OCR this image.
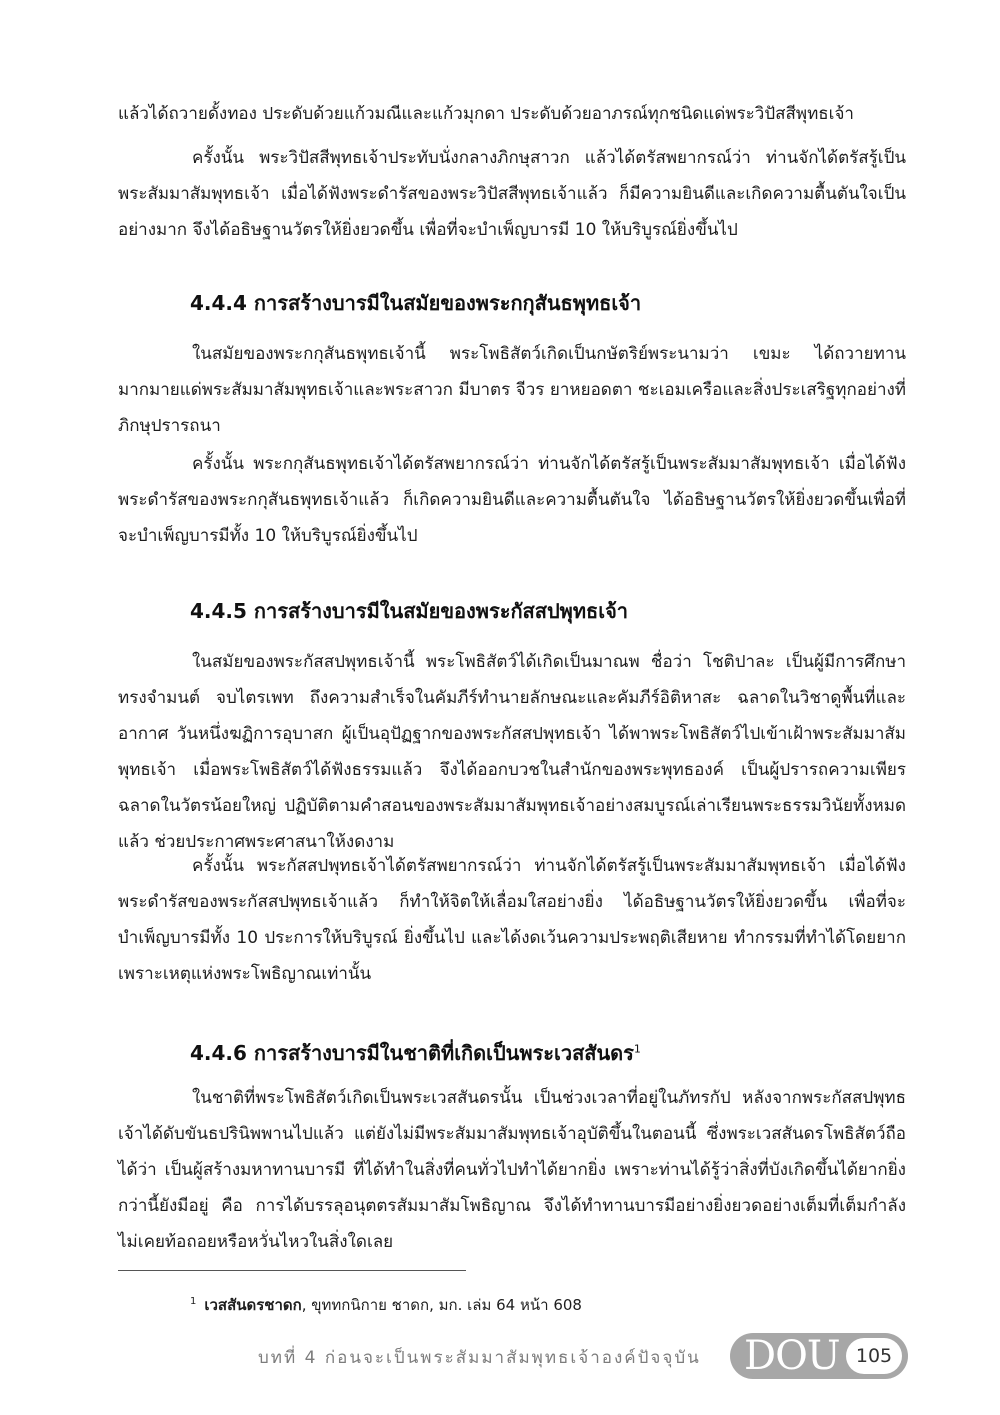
แล้วได้ถวายดั้งทอง ประดับด้วยแก้วมณีและแก้วมุกดา ประดับด้วยอาภรณ์ทุกชนิดแด่พระวิปัสสีพุทธเจ้า

ครั้งนั้น พระวิปัสสีพุทธเจ้าประทับนั่งกลางภิกษุสาวก แล้วได้ตรัสพยากรณ์ว่า ท่านจักได้ตรัสรู้เป็นพระสัมมาสัมพุทธเจ้า เมื่อได้ฟังพระดำรัสของพระวิปัสสีพุทธเจ้าแล้ว ก็มีความยินดีและเกิดความตื้นตันใจเป็นอย่างมาก จึงได้อธิษฐานวัตรให้ยิ่งยวดขึ้น เพื่อที่จะบำเพ็ญบารมี 10 ให้บริบูรณ์ยิ่งขึ้นไป

4.4.4 การสร้างบารมีในสมัยของพระกกุสันธพุทธเจ้า

ในสมัยของพระกกุสันธพุทธเจ้านี้ พระโพธิสัตว์เกิดเป็นกษัตริย์พระนามว่า เขมะ ได้ถวายทานมากมายแด่พระสัมมาสัมพุทธเจ้าและพระสาวก มีบาตร จีวร ยาหยอดตา ชะเอมเครือและสิ่งประเสริฐทุกอย่างที่ภิกษุปรารถนา

ครั้งนั้น พระกกุสันธพุทธเจ้าได้ตรัสพยากรณ์ว่า ท่านจักได้ตรัสรู้เป็นพระสัมมาสัมพุทธเจ้า เมื่อได้ฟังพระดำรัสของพระกกุสันธพุทธเจ้าแล้ว ก็เกิดความยินดีและความตื้นตันใจ ได้อธิษฐานวัตรให้ยิ่งยวดขึ้นเพื่อที่จะบำเพ็ญบารมีทั้ง 10 ให้บริบูรณ์ยิ่งขึ้นไป

4.4.5 การสร้างบารมีในสมัยของพระกัสสปพุทธเจ้า

ในสมัยของพระกัสสปพุทธเจ้านี้ พระโพธิสัตว์ได้เกิดเป็นมาณพ ชื่อว่า โชติปาละ เป็นผู้มีการศึกษาทรงจำมนต์ จบไตรเพท ถึงความสำเร็จในคัมภีร์ทำนายลักษณะและคัมภีร์อิติหาสะ ฉลาดในวิชาดูพื้นที่และอากาศ วันหนึ่งฆฏิการอุบาสก ผู้เป็นอุปัฏฐากของพระกัสสปพุทธเจ้า ได้พาพระโพธิสัตว์ไปเข้าเฝ้าพระสัมมาสัมพุทธเจ้า เมื่อพระโพธิสัตว์ได้ฟังธรรมแล้ว จึงได้ออกบวชในสำนักของพระพุทธองค์ เป็นผู้ปรารถความเพียร ฉลาดในวัตรน้อยใหญ่ ปฏิบัติตามคำสอนของพระสัมมาสัมพุทธเจ้าอย่างสมบูรณ์เล่าเรียนพระธรรมวินัยทั้งหมดแล้ว ช่วยประกาศพระศาสนาให้งดงาม

ครั้งนั้น พระกัสสปพุทธเจ้าได้ตรัสพยากรณ์ว่า ท่านจักได้ตรัสรู้เป็นพระสัมมาสัมพุทธเจ้า เมื่อได้ฟังพระดำรัสของพระกัสสปพุทธเจ้าแล้ว ก็ทำให้จิตให้เลื่อมใสอย่างยิ่ง ได้อธิษฐานวัตรให้ยิ่งยวดขึ้น เพื่อที่จะบำเพ็ญบารมีทั้ง 10 ประการให้บริบูรณ์ ยิ่งขึ้นไป และได้งดเว้นความประพฤติเสียหาย ทำกรรมที่ทำได้โดยยาก เพราะเหตุแห่งพระโพธิญาณเท่านั้น

4.4.6 การสร้างบารมีในชาติที่เกิดเป็นพระเวสสันดร$^1$

ในชาติที่พระโพธิสัตว์เกิดเป็นพระเวสสันดรนั้น เป็นช่วงเวลาที่อยู่ในภัทรกัป หลังจากพระกัสสปพุทธเจ้าได้ดับขันธปรินิพพานไปแล้ว แต่ยังไม่มีพระสัมมาสัมพุทธเจ้าอุบัติขึ้นในตอนนี้ ซึ่งพระเวสสันดรโพธิสัตว์ถือได้ว่า เป็นผู้สร้างมหาทานบารมี ที่ได้ทำในสิ่งที่คนทั่วไปทำได้ยากยิ่ง เพราะท่านได้รู้ว่าสิ่งที่บังเกิดขึ้นได้ยากยิ่งกว่านี้ยังมีอยู่ คือ การได้บรรลุอนุตตรสัมมาสัมโพธิญาณ จึงได้ทำทานบารมีอย่างยิ่งยวดอย่างเต็มที่เต็มกำลัง ไม่เคยท้อถอยหรือหวั่นไหวในสิ่งใดเลย

$^1$ เวสสันดรชาดก, ขุททกนิกาย ชาดก, มก. เล่ม 64 หน้า 608

บทที่ 4 ก่อนจะเป็นพระสัมมาสัมพุทธเจ้าองค์ปัจจุบัน	DOU 105
